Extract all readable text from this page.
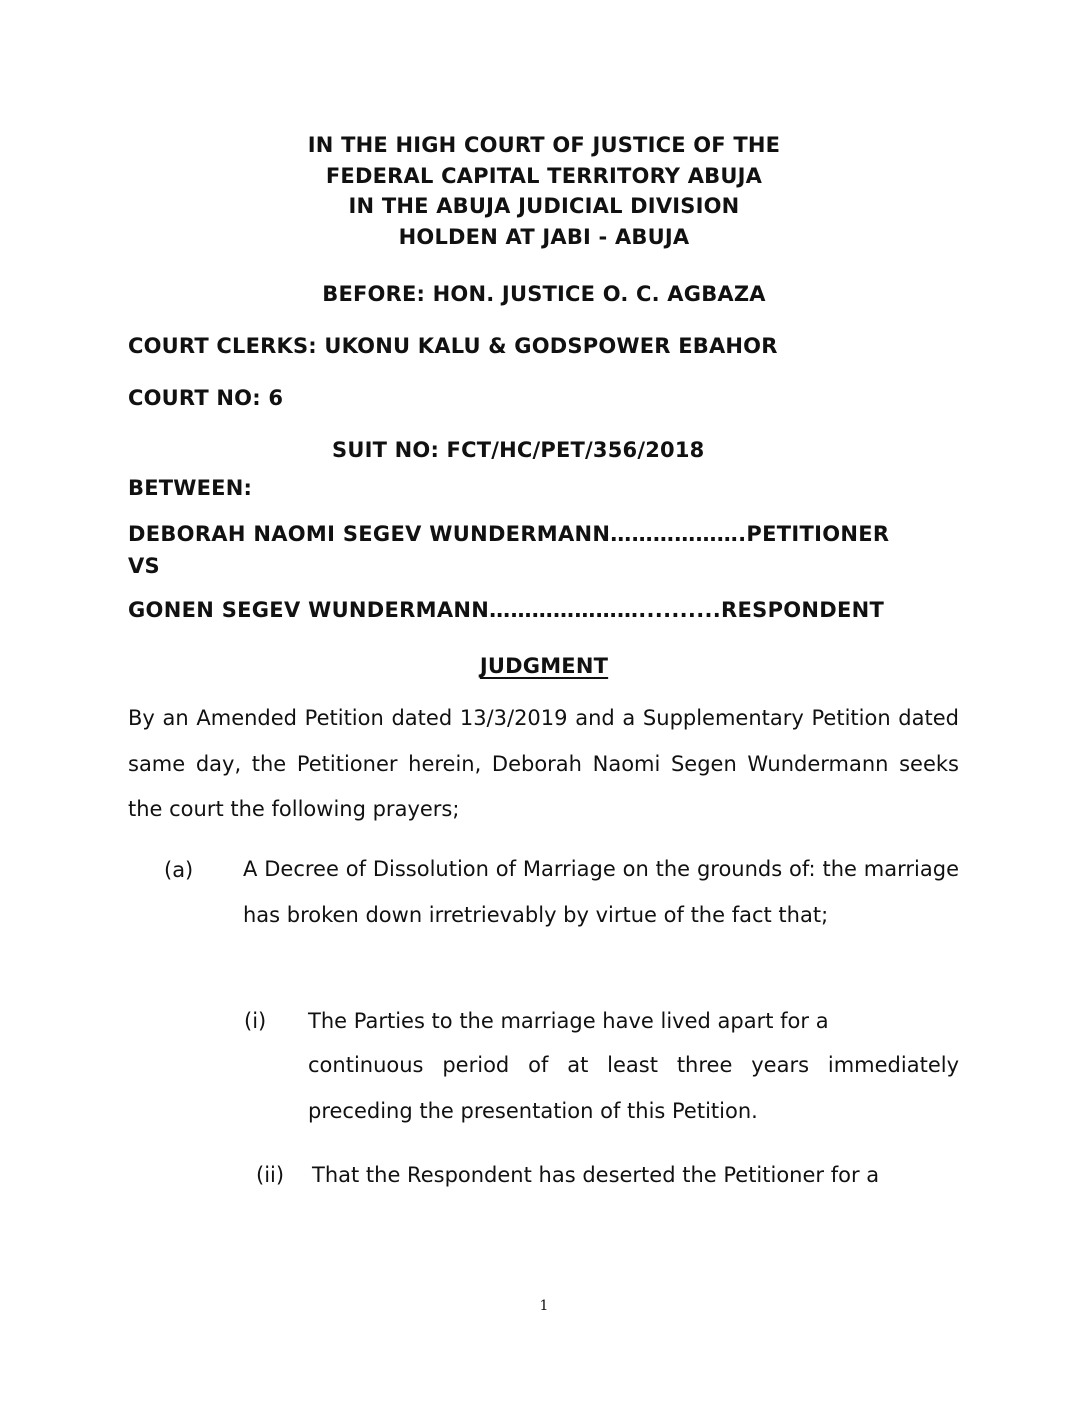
IN THE HIGH COURT OF JUSTICE OF THE
FEDERAL CAPITAL TERRITORY ABUJA
IN THE ABUJA JUDICIAL DIVISION
HOLDEN AT JABI - ABUJA
BEFORE: HON. JUSTICE O. C. AGBAZA
COURT CLERKS: UKONU KALU & GODSPOWER EBAHOR
COURT NO: 6
SUIT NO: FCT/HC/PET/356/2018
BETWEEN:
DEBORAH NAOMI SEGEV WUNDERMANN……………….PETITIONER
VS
GONEN SEGEV WUNDERMANN…………………..........RESPONDENT
JUDGMENT
By an Amended Petition dated 13/3/2019 and a Supplementary Petition dated same day, the Petitioner herein, Deborah Naomi Segen Wundermann seeks the court the following prayers;
(a) A Decree of Dissolution of Marriage on the grounds of: the marriage has broken down irretrievably by virtue of the fact that;
(i) The Parties to the marriage have lived apart for a
continuous period of at least three years immediately preceding the presentation of this Petition.
(ii) That the Respondent has deserted the Petitioner for a
1
